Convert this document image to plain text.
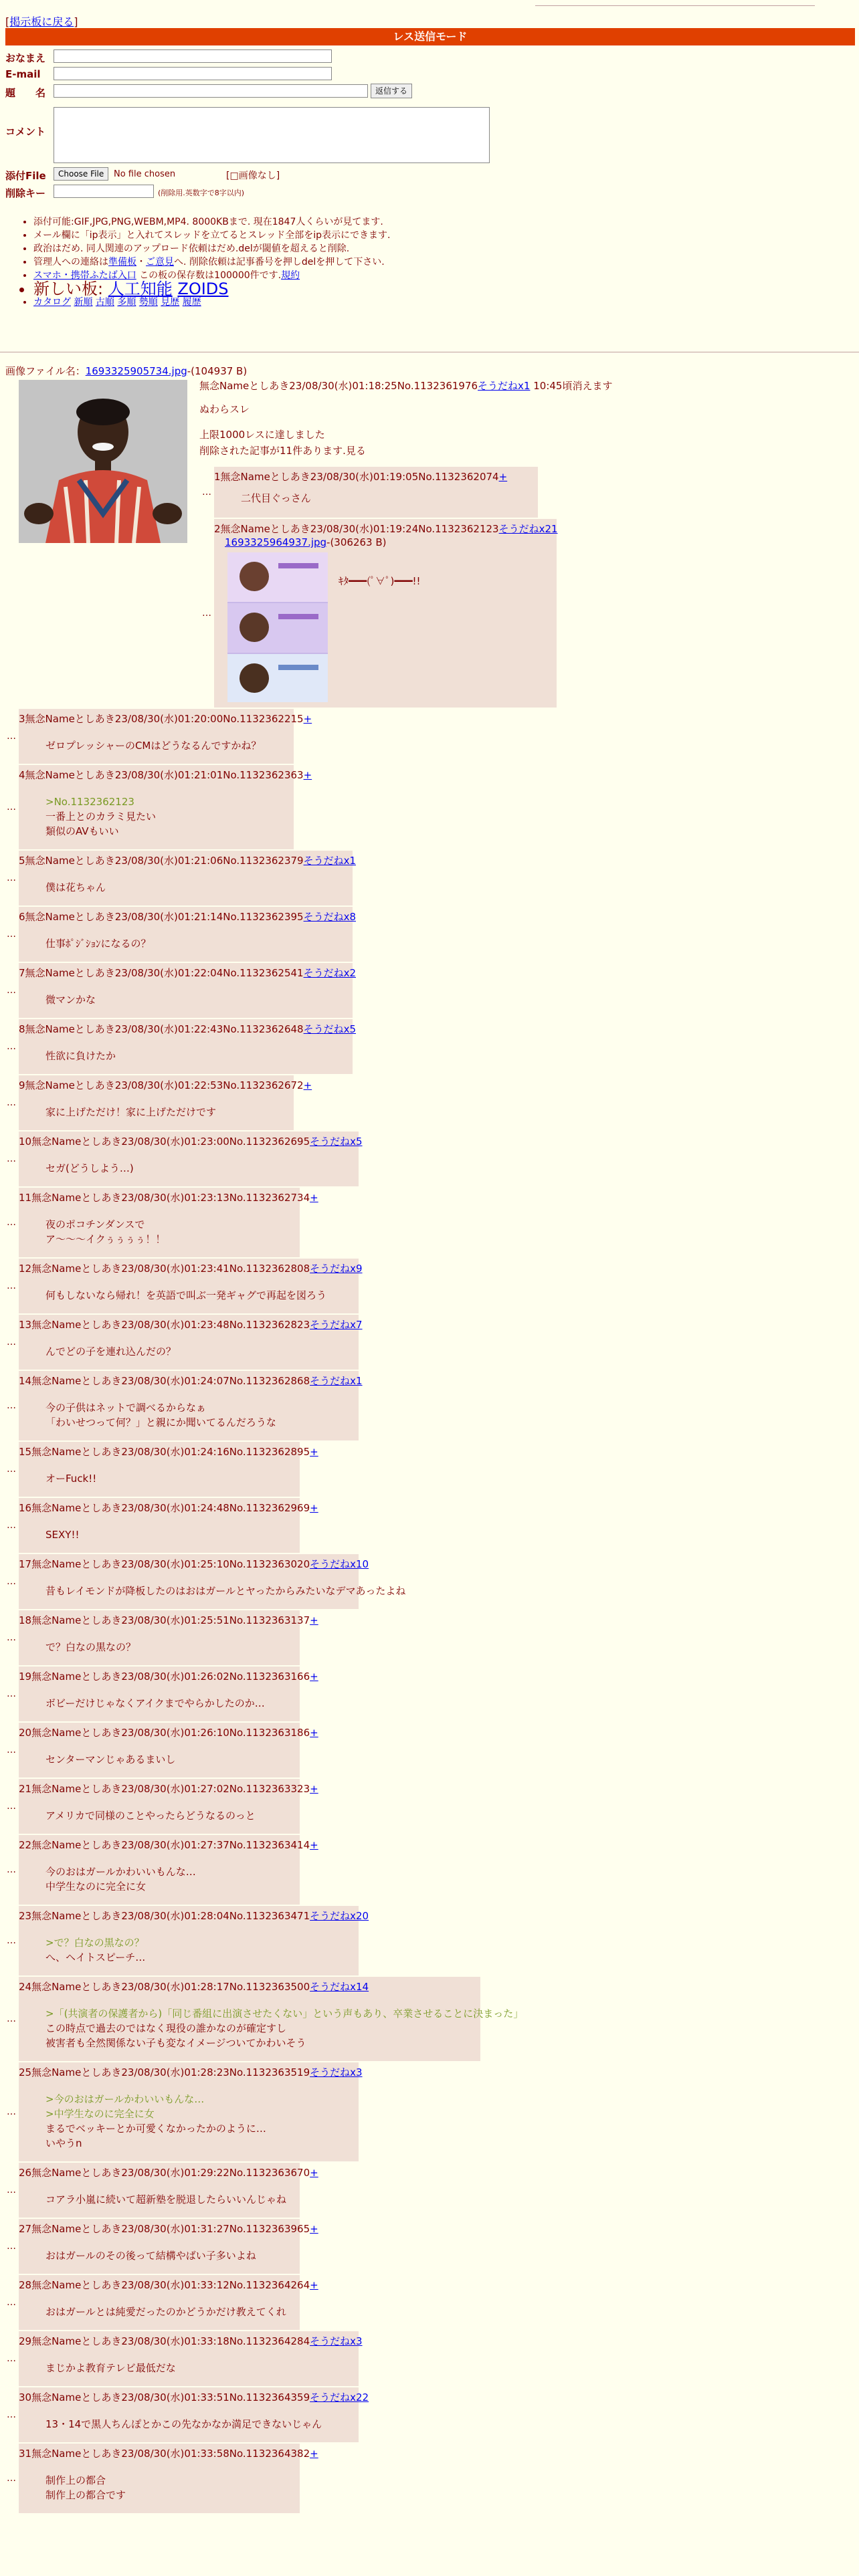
[掲示板に戻る]
レス送信モード
おなまえ
E-mail
題　　名	返信する
コメント
添付File	Choose File	No file chosen	[□画像なし]
削除キー	(削除用.英数字で8字以内)
• 添付可能:GIF,JPG,PNG,WEBM,MP4. 8000KBまで. 現在1847人くらいが見てます.
• メール欄に「ip表示」と入れてスレッドを立てるとスレッド全部をip表示にできます.
• 政治はだめ. 同人関連のアップロード依頼はだめ.delが閾値を超えると削除.
• 管理人への連絡は準備板・ご意見へ. 削除依頼は記事番号を押しdelを押して下さい.
• スマホ・携帯ふたば入口 この板の保存数は100000件です.規約
• 新しい板: 人工知能 ZOIDS
• カタログ 新順 古順 多順 勢順 見歴 履歴
画像ファイル名：1693325905734.jpg-(104937 B)
無念Nameとしあき23/08/30(水)01:18:25No.1132361976そうだねx1 10:45頃消えます

ぬわらスレ

上限1000レスに達しました

削除された記事が11件あります.見る

1無念Nameとしあき23/08/30(水)01:19:05No.1132362074+
二代目ぐっさん
…
2無念Nameとしあき23/08/30(水)01:19:24No.1132362123そうだねx21
1693325964937.jpg-(306263 B)
ｷﾀ━━━(ﾟ∀ﾟ)━━━!!
…
3無念Nameとしあき23/08/30(水)01:20:00No.1132362215+
ゼロプレッシャーのCMはどうなるんですかね？
…
4無念Nameとしあき23/08/30(水)01:21:01No.1132362363+
>No.1132362123
一番上とのカラミ見たい
類似のAVもいい
…
5無念Nameとしあき23/08/30(水)01:21:06No.1132362379そうだねx1
僕は花ちゃん
…
6無念Nameとしあき23/08/30(水)01:21:14No.1132362395そうだねx8
仕事ﾎﾟｼﾞｼｮﾝになるの？
…
7無念Nameとしあき23/08/30(水)01:22:04No.1132362541そうだねx2
微マンかな
…
8無念Nameとしあき23/08/30(水)01:22:43No.1132362648そうだねx5
性欲に負けたか
…
9無念Nameとしあき23/08/30(水)01:22:53No.1132362672+
家に上げただけ！家に上げただけです
…
10無念Nameとしあき23/08/30(水)01:23:00No.1132362695そうだねx5
セガ(どうしよう…)
…
11無念Nameとしあき23/08/30(水)01:23:13No.1132362734+
夜のポコチンダンスで
ア〜〜〜イクぅぅぅぅ！！
…
12無念Nameとしあき23/08/30(水)01:23:41No.1132362808そうだねx9
何もしないなら帰れ！を英語で叫ぶ一発ギャグで再起を図ろう
…
13無念Nameとしあき23/08/30(水)01:23:48No.1132362823そうだねx7
んでどの子を連れ込んだの？
…
14無念Nameとしあき23/08/30(水)01:24:07No.1132362868そうだねx1
今の子供はネットで調べるからなぁ
「わいせつって何？」と親にか聞いてるんだろうな
…
15無念Nameとしあき23/08/30(水)01:24:16No.1132362895+
オーFuck!!
…
16無念Nameとしあき23/08/30(水)01:24:48No.1132362969+
SEXY!!
…
17無念Nameとしあき23/08/30(水)01:25:10No.1132363020そうだねx10
昔もレイモンドが降板したのはおはガールとヤったからみたいなデマあったよね
…
18無念Nameとしあき23/08/30(水)01:25:51No.1132363137+
で？白なの黒なの？
…
19無念Nameとしあき23/08/30(水)01:26:02No.1132363166+
ボビーだけじゃなくアイクまでやらかしたのか…
…
20無念Nameとしあき23/08/30(水)01:26:10No.1132363186+
センターマンじゃあるまいし
…
21無念Nameとしあき23/08/30(水)01:27:02No.1132363323+
アメリカで同様のことやったらどうなるのっと
…
22無念Nameとしあき23/08/30(水)01:27:37No.1132363414+
今のおはガールかわいいもんな…
中学生なのに完全に女
…
23無念Nameとしあき23/08/30(水)01:28:04No.1132363471そうだねx20
>で？白なの黒なの？
へ、ヘイトスピーチ…
…
24無念Nameとしあき23/08/30(水)01:28:17No.1132363500そうだねx14
>「(共演者の保護者から)「同じ番組に出演させたくない」という声もあり、卒業させることに決まった」
この時点で過去のではなく現役の誰かなのが確定すし
被害者も全然関係ない子も変なイメージついてかわいそう
…
25無念Nameとしあき23/08/30(水)01:28:23No.1132363519そうだねx3
>今のおはガールかわいいもんな…
>中学生なのに完全に女
まるでベッキーとか可愛くなかったかのように…
いやうn
…
26無念Nameとしあき23/08/30(水)01:29:22No.1132363670+
コアラ小嵐に続いて超新塾を脱退したらいいんじゃね
…
27無念Nameとしあき23/08/30(水)01:31:27No.1132363965+
おはガールのその後って結構やばい子多いよね
…
28無念Nameとしあき23/08/30(水)01:33:12No.1132364264+
おはガールとは純愛だったのかどうかだけ教えてくれ
…
29無念Nameとしあき23/08/30(水)01:33:18No.1132364284そうだねx3
まじかよ教育テレビ最低だな
…
30無念Nameとしあき23/08/30(水)01:33:51No.1132364359そうだねx22
13・14で黒人ちんぽとかこの先なかなか満足できないじゃん
…
31無念Nameとしあき23/08/30(水)01:33:58No.1132364382+
制作上の都合
制作上の都合です
…
